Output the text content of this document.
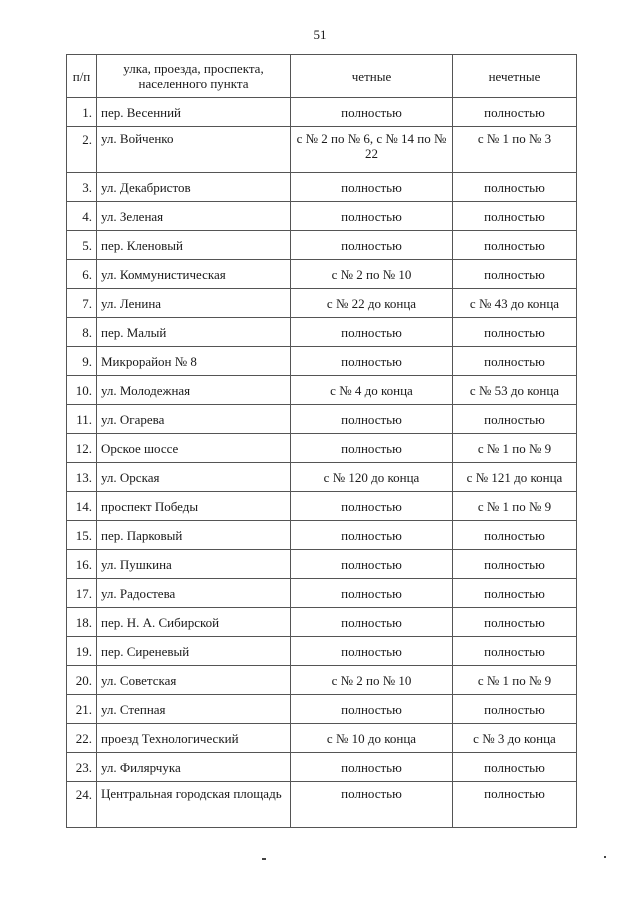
51
п/п	улка, проезда, проспекта, населенного пункта	четные	нечетные
1.	пер. Весенний	полностью	полностью
2.	ул. Войченко	с № 2 по № 6, с № 14 по № 22	с № 1 по № 3
3.	ул. Декабристов	полностью	полностью
4.	ул. Зеленая	полностью	полностью
5.	пер. Кленовый	полностью	полностью
6.	ул. Коммунистическая	с № 2 по № 10	полностью
7.	ул. Ленина	с № 22 до конца	с № 43 до конца
8.	пер. Малый	полностью	полностью
9.	Микрорайон № 8	полностью	полностью
10.	ул. Молодежная	с № 4 до конца	с № 53 до конца
11.	ул. Огарева	полностью	полностью
12.	Орское шоссе	полностью	с № 1 по № 9
13.	ул. Орская	с № 120 до конца	с № 121 до конца
14.	проспект Победы	полностью	с № 1 по № 9
15.	пер. Парковый	полностью	полностью
16.	ул. Пушкина	полностью	полностью
17.	ул. Радостева	полностью	полностью
18.	пер. Н. А. Сибирской	полностью	полностью
19.	пер. Сиреневый	полностью	полностью
20.	ул. Советская	с № 2 по № 10	с № 1 по № 9
21.	ул. Степная	полностью	полностью
22.	проезд Технологический	с № 10 до конца	с № 3 до конца
23.	ул. Филярчука	полностью	полностью
24.	Центральная городская площадь	полностью	полностью
